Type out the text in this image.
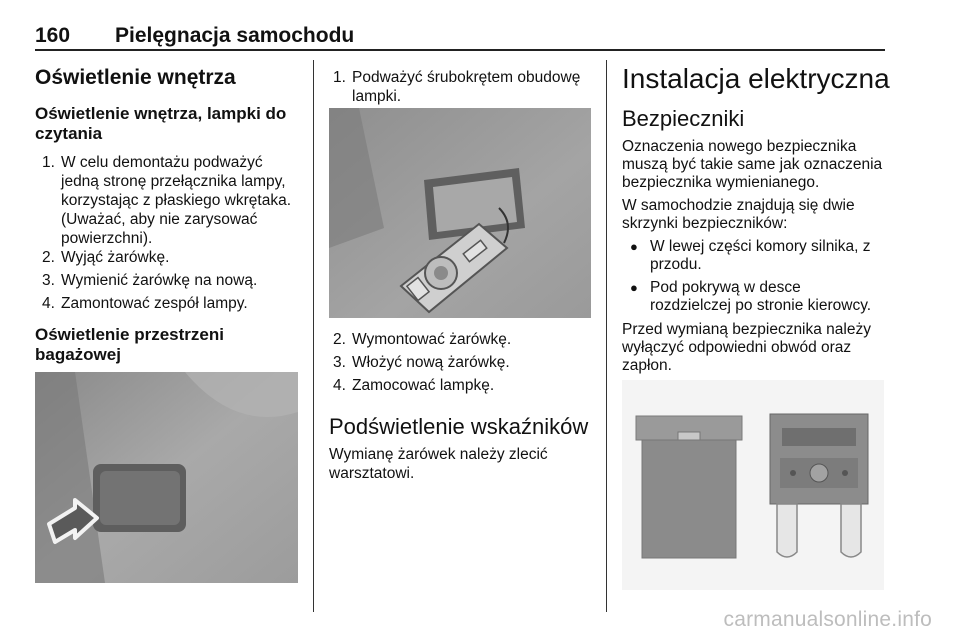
160 Pielęgnacja samochodu
Oświetlenie wnętrza
Oświetlenie wnętrza, lampki do
czytania
1. W celu demontażu podważyć
jedną stronę przełącznika lampy,
korzystając z płaskiego wkrętaka.
(Uważać, aby nie zarysować
powierzchni).
2. Wyjąć żarówkę.
3. Wymienić żarówkę na nową.
4. Zamontować zespół lampy.
Oświetlenie przestrzeni
bagażowej
1. Podważyć śrubokrętem obudowę
lampki.
2. Wymontować żarówkę.
3. Włożyć nową żarówkę.
4. Zamocować lampkę.
Podświetlenie wskaźników
Wymianę żarówek należy zlecić
warsztatowi.
Instalacja elektryczna
Bezpieczniki
Oznaczenia nowego bezpiecznika
muszą być takie same jak oznaczenia
bezpiecznika wymienianego.
W samochodzie znajdują się dwie
skrzynki bezpieczników:
● W lewej części komory silnika, z
przodu.
● Pod pokrywą w desce
rozdzielczej po stronie kierowcy.
Przed wymianą bezpiecznika należy
wyłączyć odpowiedni obwód oraz
zapłon.
carmanualsonline.info
